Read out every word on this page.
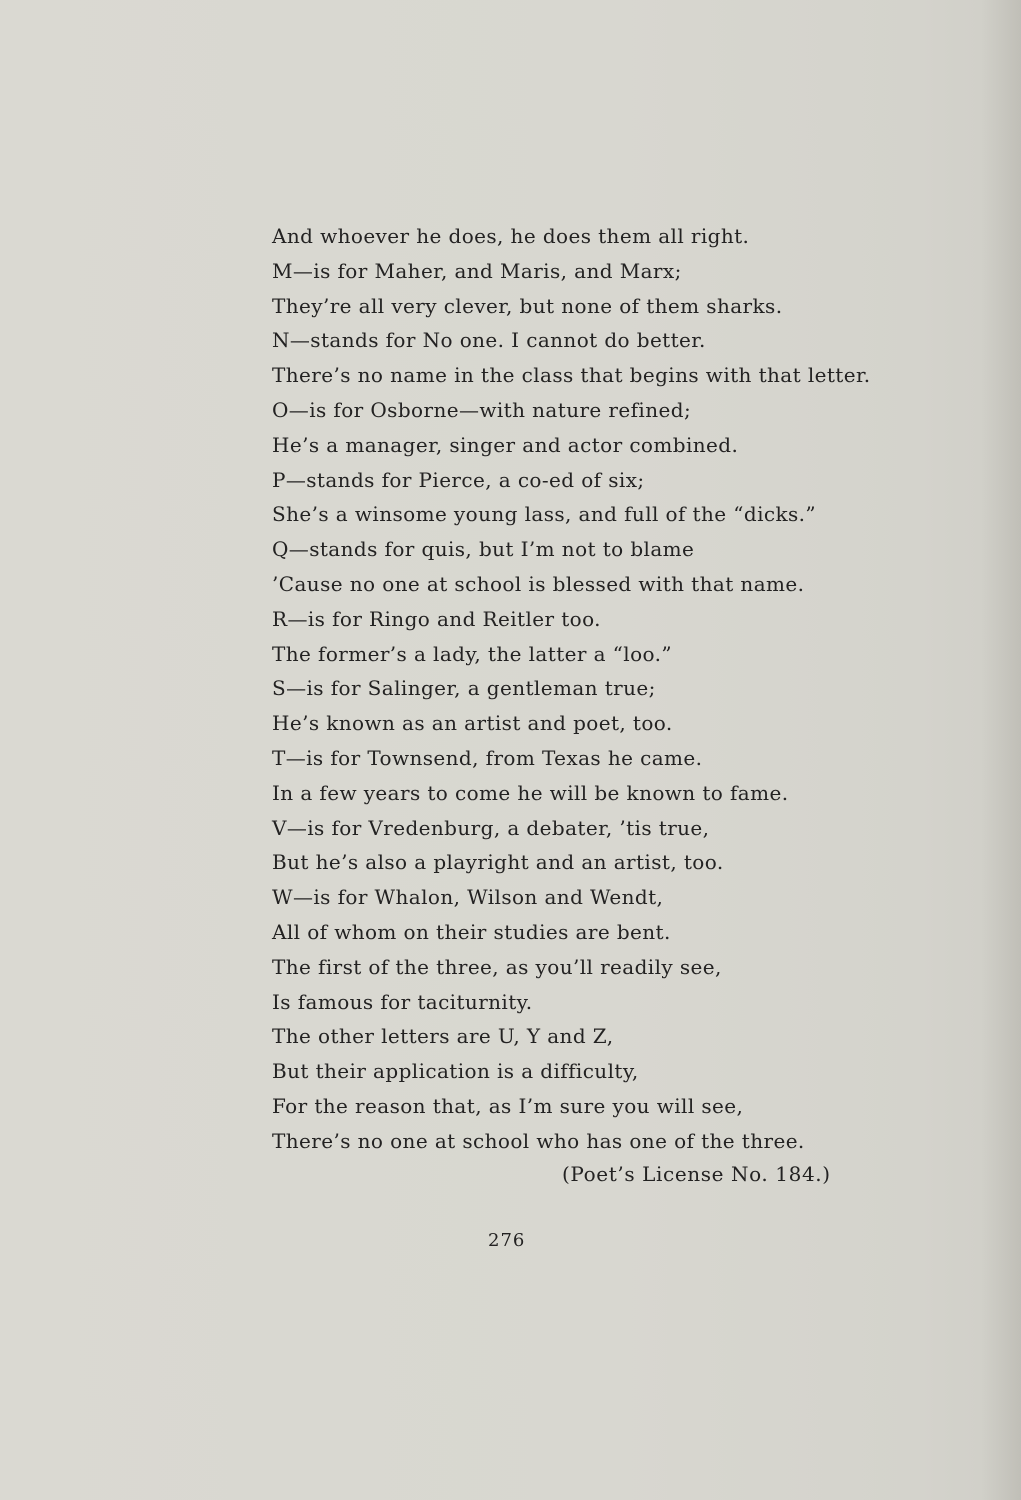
And whoever he does, he does them all right.
M—is for Maher, and Maris, and Marx;
They’re all very clever, but none of them sharks.
N—stands for No one. I cannot do better.
There’s no name in the class that begins with that letter.
O—is for Osborne—with nature refined;
He’s a manager, singer and actor combined.
P—stands for Pierce, a co-ed of six;
She’s a winsome young lass, and full of the “dicks.”
Q—stands for quis, but I’m not to blame
’Cause no one at school is blessed with that name.
R—is for Ringo and Reitler too.
The former’s a lady, the latter a “loo.”
S—is for Salinger, a gentleman true;
He’s known as an artist and poet, too.
T—is for Townsend, from Texas he came.
In a few years to come he will be known to fame.
V—is for Vredenburg, a debater, ’tis true,
But he’s also a playright and an artist, too.
W—is for Whalon, Wilson and Wendt,
All of whom on their studies are bent.
The first of the three, as you’ll readily see,
Is famous for taciturnity.
The other letters are U, Y and Z,
But their application is a difficulty,
For the reason that, as I’m sure you will see,
There’s no one at school who has one of the three.
(Poet’s License No. 184.)
276
